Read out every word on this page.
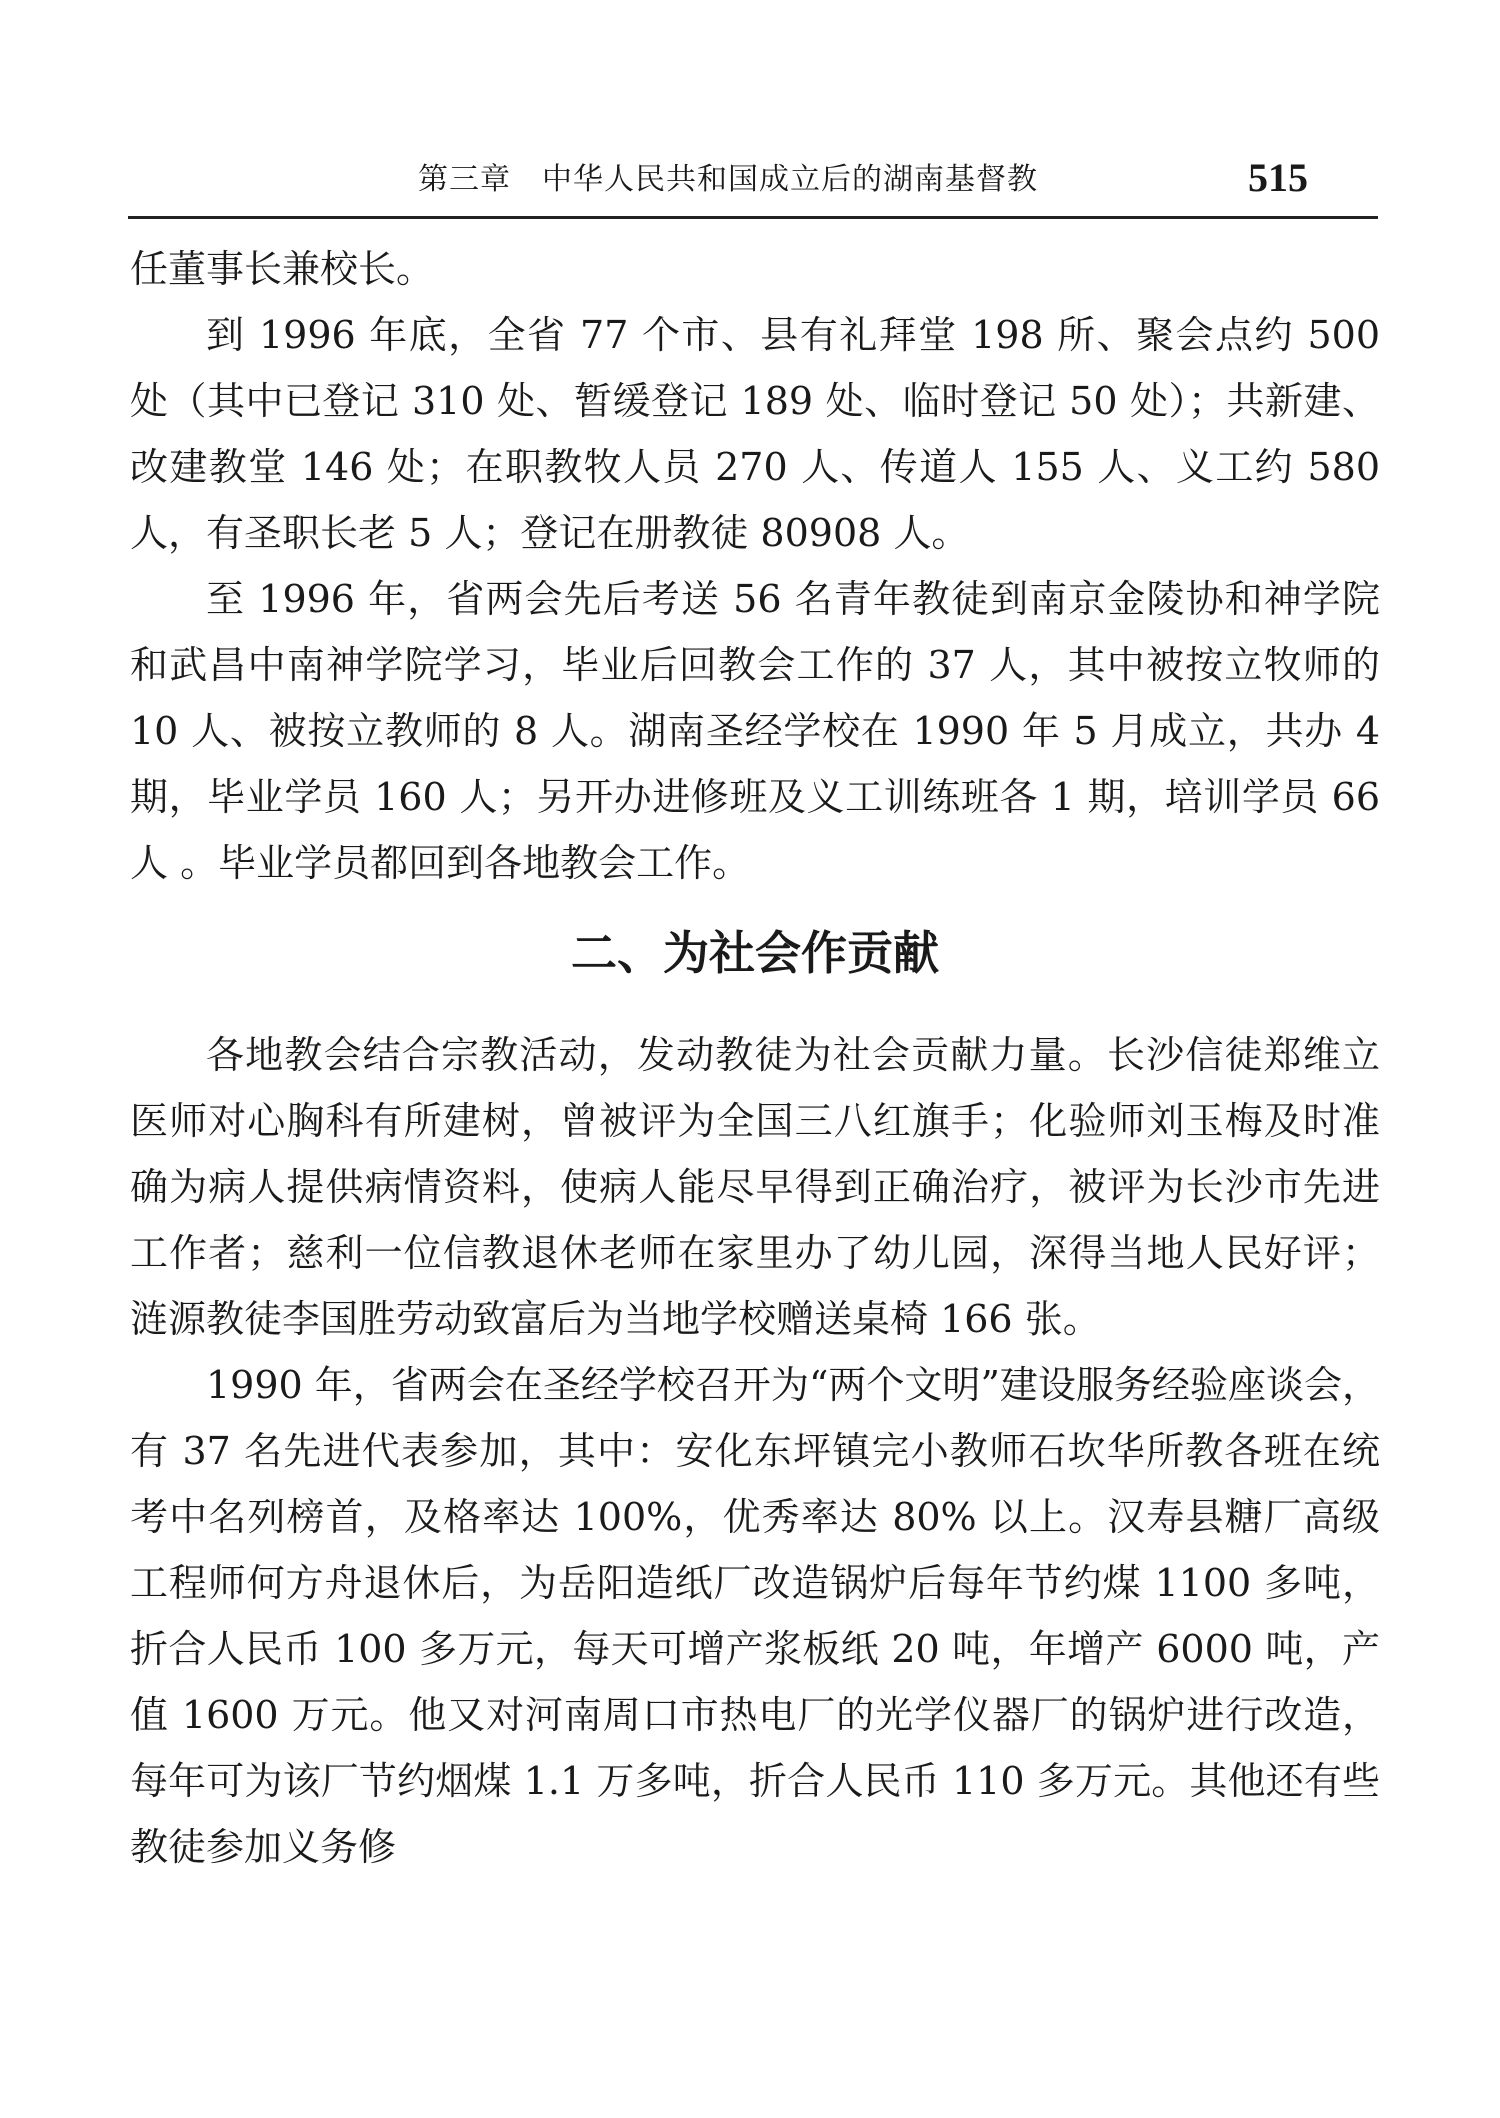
第三章　中华人民共和国成立后的湖南基督教	515

任董事长兼校长。

到 1996 年底，全省 77 个市、县有礼拜堂 198 所、聚会点约 500 处（其中已登记 310 处、暂缓登记 189 处、临时登记 50 处）；共新建、改建教堂 146 处；在职教牧人员 270 人、传道人 155 人、义工约 580 人，有圣职长老 5 人；登记在册教徒 80908 人。

至 1996 年，省两会先后考送 56 名青年教徒到南京金陵协和神学院和武昌中南神学院学习，毕业后回教会工作的 37 人，其中被按立牧师的 10 人、被按立教师的 8 人。湖南圣经学校在 1990 年 5 月成立，共办 4 期，毕业学员 160 人；另开办进修班及义工训练班各 1 期，培训学员 66 人 。毕业学员都回到各地教会工作。

二、为社会作贡献

各地教会结合宗教活动，发动教徒为社会贡献力量。长沙信徒郑维立医师对心胸科有所建树，曾被评为全国三八红旗手；化验师刘玉梅及时准确为病人提供病情资料，使病人能尽早得到正确治疗，被评为长沙市先进工作者；慈利一位信教退休老师在家里办了幼儿园，深得当地人民好评；涟源教徒李国胜劳动致富后为当地学校赠送桌椅 166 张。

1990 年，省两会在圣经学校召开为“两个文明”建设服务经验座谈会，有 37 名先进代表参加，其中：安化东坪镇完小教师石坎华所教各班在统考中名列榜首，及格率达 100%，优秀率达 80% 以上。汉寿县糖厂高级工程师何方舟退休后，为岳阳造纸厂改造锅炉后每年节约煤 1100 多吨，折合人民币 100 多万元，每天可增产浆板纸 20 吨，年增产 6000 吨，产值 1600 万元。他又对河南周口市热电厂的光学仪器厂的锅炉进行改造，每年可为该厂节约烟煤 1.1 万多吨，折合人民币 110 多万元。其他还有些教徒参加义务修
